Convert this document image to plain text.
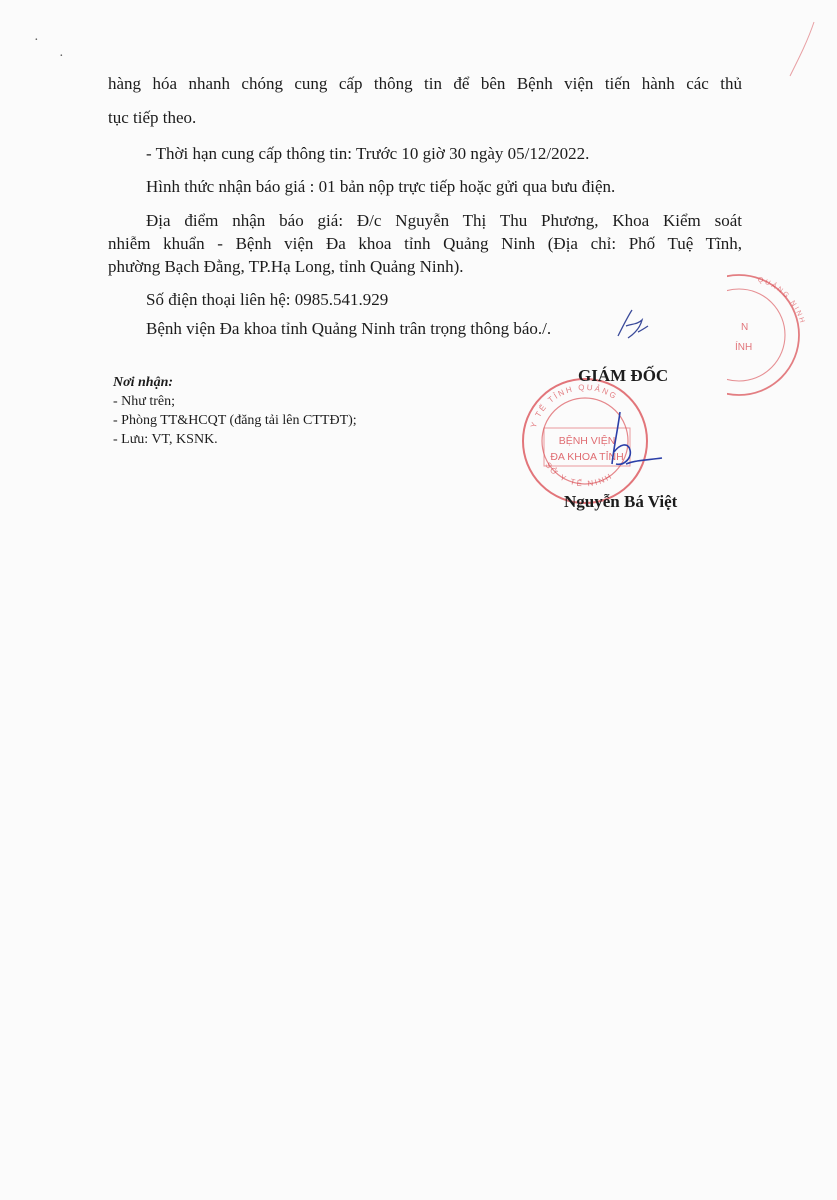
·
·
hàng hóa nhanh chóng cung cấp thông tin để bên Bệnh viện tiến hành các thủ
tục tiếp theo.
- Thời hạn cung cấp thông tin: Trước 10 giờ 30 ngày 05/12/2022.
Hình thức nhận báo giá : 01 bản nộp trực tiếp hoặc gửi qua bưu điện.
Địa điểm nhận báo giá: Đ/c Nguyễn Thị Thu Phương, Khoa Kiểm soát
nhiễm khuẩn - Bệnh viện Đa khoa tỉnh Quảng Ninh (Địa chỉ: Phố Tuệ Tĩnh,
phường Bạch Đằng, TP.Hạ Long, tỉnh Quảng Ninh).
Số điện thoại liên hệ: 0985.541.929
Bệnh viện Đa khoa tỉnh Quảng Ninh trân trọng thông báo./.
Nơi nhận:
- Như trên;
- Phòng TT&HCQT (đăng tải lên CTTĐT);
- Lưu: VT, KSNK.
Y TẾ TỈNH QUẢNG
SỞ Y TẾ NINH
BỆNH VIỆN
ĐA KHOA TỈNH
GIÁM ĐỐC
Nguyễn Bá Việt
QUẢNG NINH
N
ÍNH
